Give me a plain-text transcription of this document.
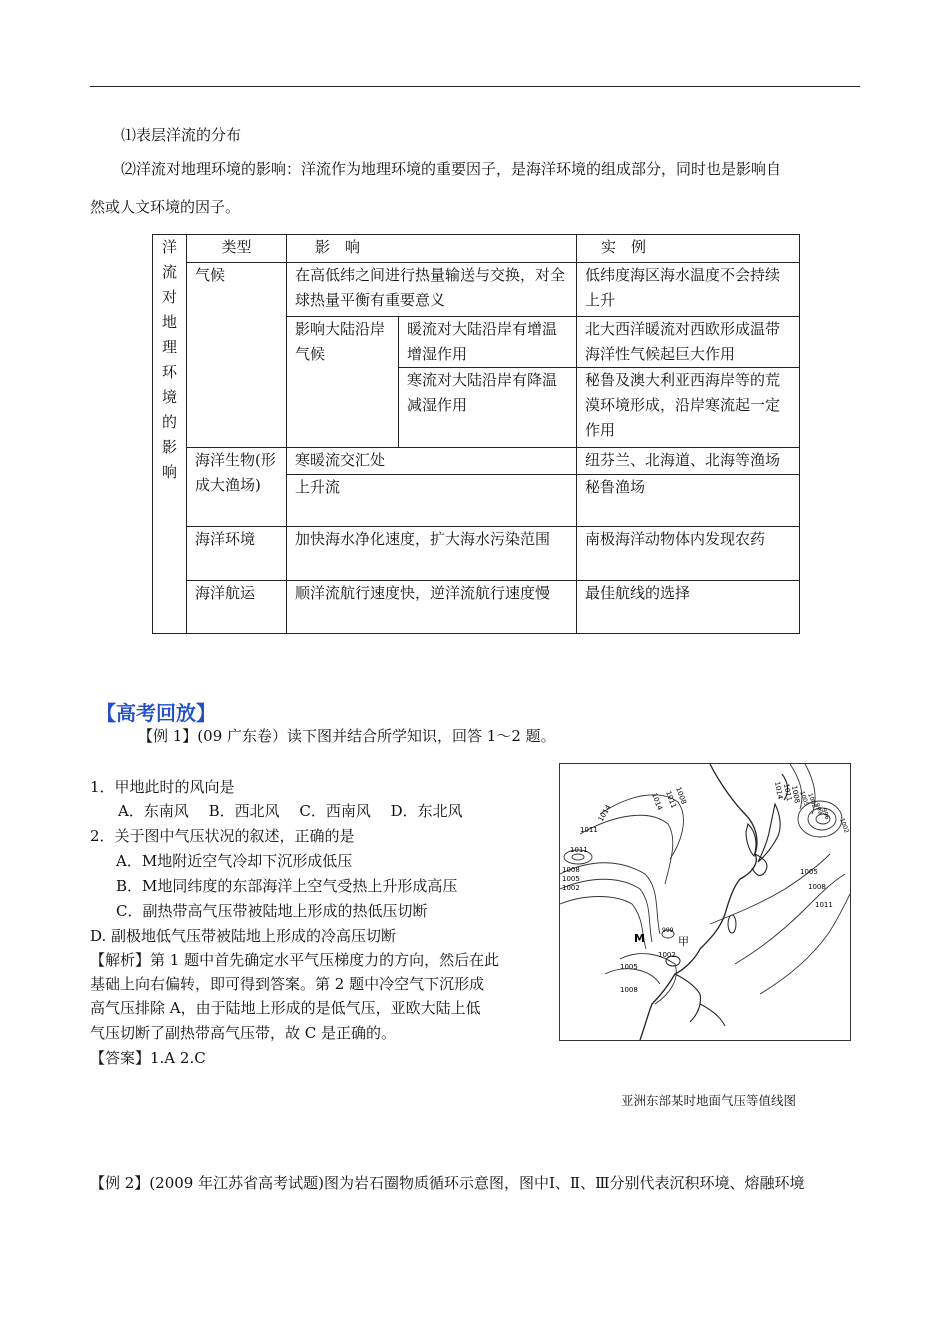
⑴表层洋流的分布
⑵洋流对地理环境的影响：洋流作为地理环境的重要因子，是海洋环境的组成部分，同时也是影响自
然或人文环境的因子。
洋流对地理环境的影响	类型	影　响		实　例
	气候	在高低纬之间进行热量输送与交换，对全球热量平衡有重要意义		低纬度海区海水温度不会持续上升
		影响大陆沿岸气候	暖流对大陆沿岸有增温增湿作用	北大西洋暖流对西欧形成温带海洋性气候起巨大作用
			寒流对大陆沿岸有降温减湿作用	秘鲁及澳大利亚西海岸等的荒漠环境形成，沿岸寒流起一定作用
	海洋生物(形成大渔场)	寒暖流交汇处		纽芬兰、北海道、北海等渔场
		上升流		秘鲁渔场
	海洋环境	加快海水净化速度，扩大海水污染范围		南极海洋动物体内发现农药
	海洋航运	顺洋流航行速度快，逆洋流航行速度慢		最佳航线的选择
【高考回放】
【例 1】(09 广东卷）读下图并结合所学知识，回答 1～2 题。
1．甲地此时的风向是
A．东南风　 B．西北风　 C．西南风　 D．东北风
2．关于图中气压状况的叙述，正确的是
A．M地附近空气冷却下沉形成低压
B．M地同纬度的东部海洋上空气受热上升形成高压
C．副热带高气压带被陆地上形成的热低压切断
D. 副极地低气压带被陆地上形成的冷高压切断
【解析】第 1 题中首先确定水平气压梯度力的方向，然后在此
基础上向右偏转，即可得到答案。第 2 题中冷空气下沉形成
高气压排除 A，由于陆地上形成的是低气压，亚欧大陆上低
气压切断了副热带高气压带，故 C 是正确的。
【答案】1.A 2.C
1014
1011
1011
1008
1005
1002
999
1002
1005
1008
1014 1011
1008	1014
1011
1008
1005
1008
1011
1005
1002
999
996
1002
M	甲
亚洲东部某时地面气压等值线图
【例 2】(2009 年江苏省高考试题)图为岩石圈物质循环示意图，图中Ⅰ、Ⅱ、Ⅲ分别代表沉积环境、熔融环境
